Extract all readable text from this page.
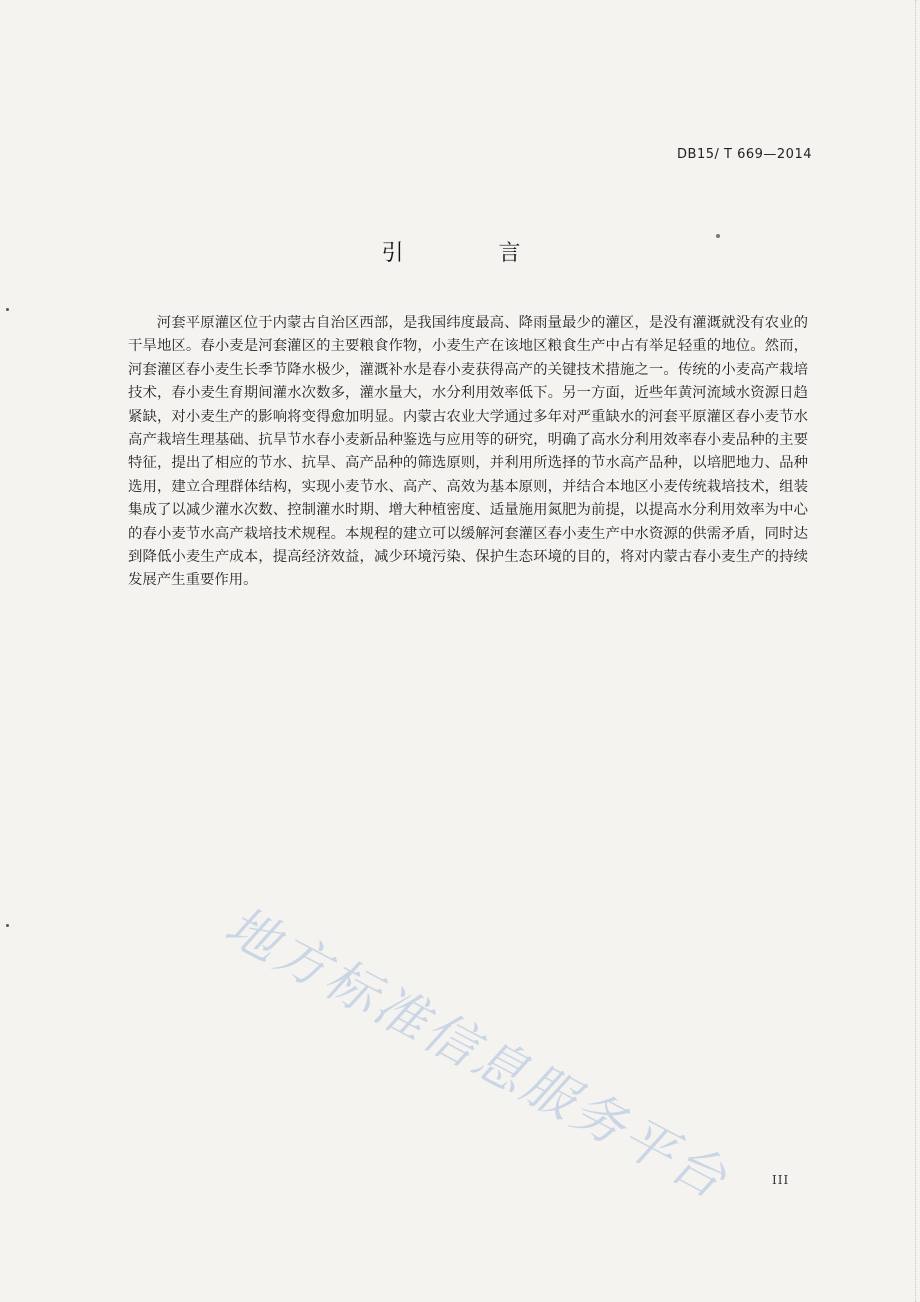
DB15/ T 669—2014
引 言

河套平原灌区位于内蒙古自治区西部，是我国纬度最高、降雨量最少的灌区，是没有灌溉就没有农业的干旱地区。春小麦是河套灌区的主要粮食作物，小麦生产在该地区粮食生产中占有举足轻重的地位。然而，河套灌区春小麦生长季节降水极少，灌溉补水是春小麦获得高产的关键技术措施之一。传统的小麦高产栽培技术，春小麦生育期间灌水次数多，灌水量大，水分利用效率低下。另一方面，近些年黄河流域水资源日趋紧缺，对小麦生产的影响将变得愈加明显。内蒙古农业大学通过多年对严重缺水的河套平原灌区春小麦节水高产栽培生理基础、抗旱节水春小麦新品种鉴选与应用等的研究，明确了高水分利用效率春小麦品种的主要特征，提出了相应的节水、抗旱、高产品种的筛选原则，并利用所选择的节水高产品种，以培肥地力、品种选用，建立合理群体结构，实现小麦节水、高产、高效为基本原则，并结合本地区小麦传统栽培技术，组装集成了以减少灌水次数、控制灌水时期、增大种植密度、适量施用氮肥为前提，以提高水分利用效率为中心的春小麦节水高产栽培技术规程。本规程的建立可以缓解河套灌区春小麦生产中水资源的供需矛盾，同时达到降低小麦生产成本，提高经济效益，减少环境污染、保护生态环境的目的，将对内蒙古春小麦生产的持续发展产生重要作用。

地方标准信息服务平台	III
